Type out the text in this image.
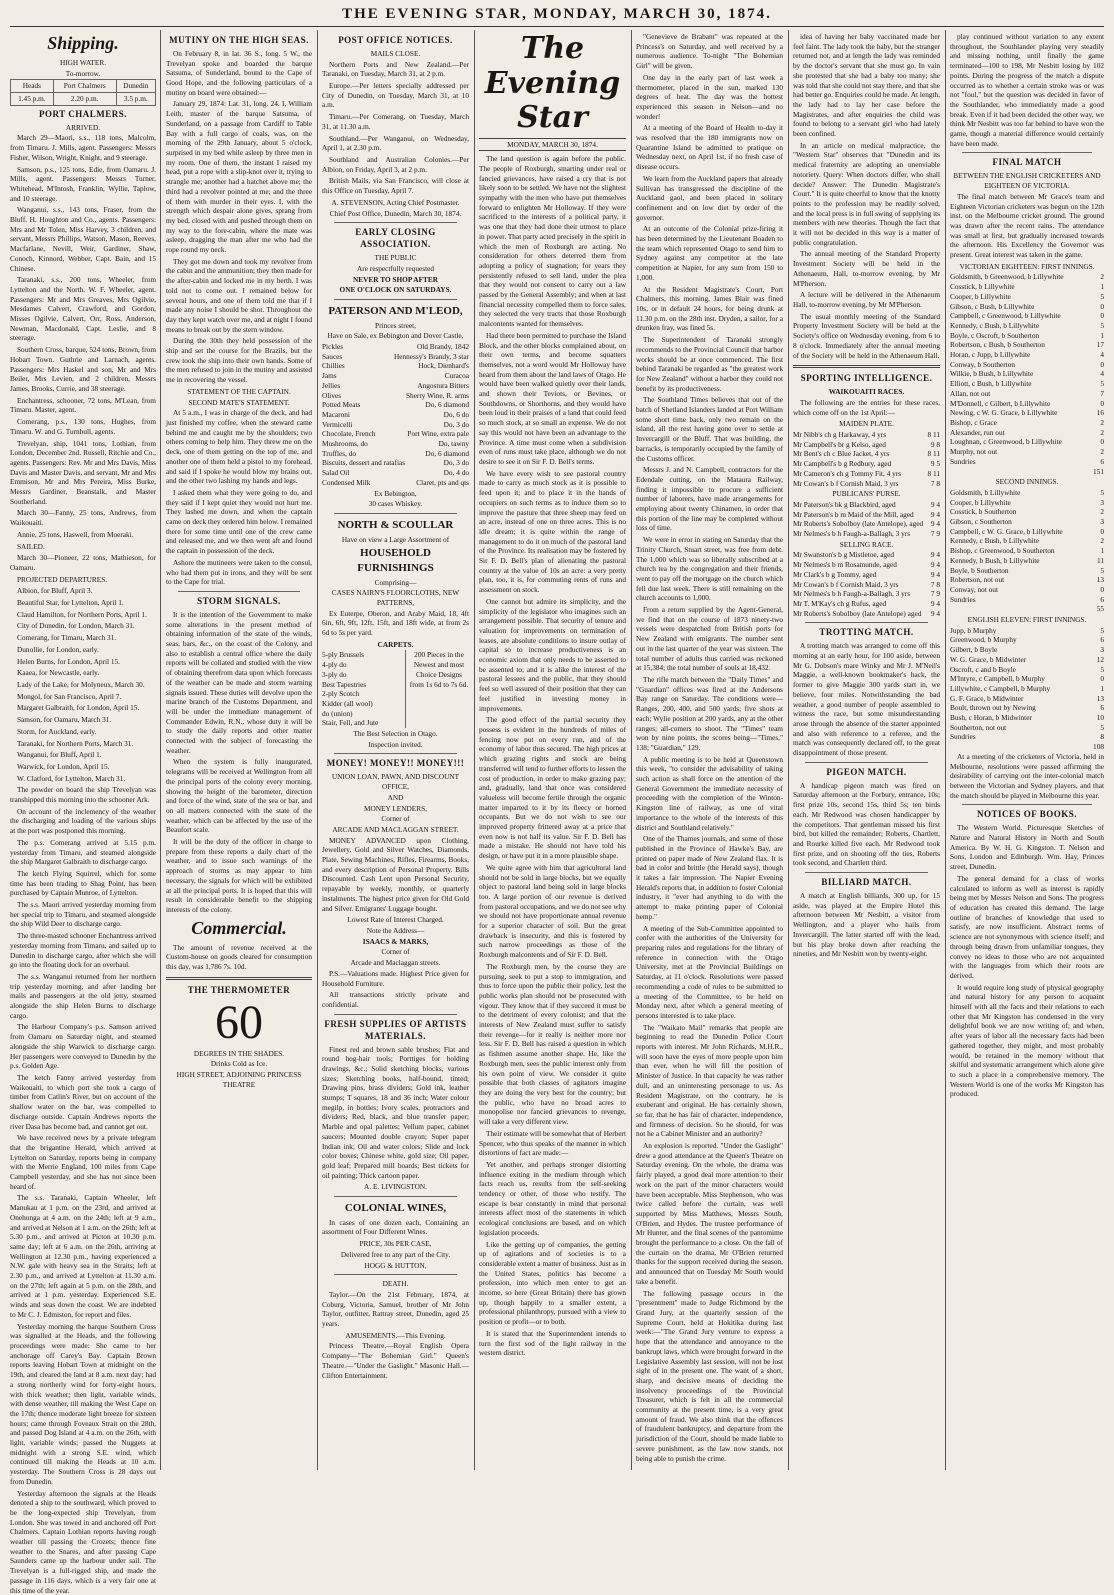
THE EVENING STAR, MONDAY, MARCH 30, 1874.
Shipping.
HIGH WATER.
To-morrow.
Heads	Port Chalmers	Dunedin
1.45 p.m.	2.20 p.m.	3.5 p.m.
PORT CHALMERS.
ARRIVED.

March 29—Maori, s.s., 118 tons, Malcolm, from Timaru. J. Mills, agent. Passengers: Messrs Fisher, Wilson, Wright, Knight, and 9 steerage.

Samson, p.s., 125 tons, Edie, from Oamaru. J. Mills, agent. Passengers: Messrs Turner, Whitehead, M'Intosh, Franklin, Wyllie, Taplow, and 10 steerage.

Wanganui, s.s., 143 tons, Fraser, from the Bluff. H. Houghton and Co., agents. Passengers: Mrs and Mr Tolen, Miss Harvey, 3 children, and servant, Messrs Phillips, Watson, Mason, Reeves, Macfarlane, Nevill, Weir, Gardiner, Shaw, Conoch, Kinnord, Webber, Capt. Bain, and 15 Chinese.

Taranaki, s.s., 200 tons, Wheeler, from Lyttelton and the North. W. F. Wheeler, agent. Passengers: Mr and Mrs Greaves, Mrs Ogilvie, Mesdames Calvert, Crawford, and Gordon, Misses Ogilvie, Calvert, Orr, Ross, Anderson, Newman, Macdonald, Capt. Leslie, and 8 steerage.

Southern Cross, barque, 524 tons, Brown, from Hobart Town. Guthrie and Larnach, agents. Passengers: Mrs Haskel and son, Mr and Mrs Beiler, Mrs Levien, and 2 children, Messrs James, Brooks, Currie, and 38 steerage.

Enchantress, schooner, 72 tons, M'Lean, from Timaru. Master, agent.

Comerang, p.s., 130 tons, Hughes, from Timaru. W. and G. Turnbull, agents.

Trevelyan, ship, 1041 tons, Lothian, from London, December 2nd. Russell, Ritchie and Co., agents. Passengers: Rev. Mr and Mrs Davis, Miss Davis and Master Davis, and servant, Mr and Mrs Emmison, Mr and Mrs Pereira, Miss Burke, Messrs Gardiner, Beanstalk, and Master Southerland.

March 30—Fanny, 25 tons, Andrews, from Waikouaiti.

Annie, 25 tons, Haswell, from Moeraki.

SAILED.

March 30—Pioneer, 22 tons, Mathieson, for Oamaru.

PROJECTED DEPARTURES.

Albion, for Bluff, April 3.

Beautiful Star, for Lyttelton, April 1.

Claud Hamilton, for Northern Ports, April 1.

City of Dunedin, for London, March 31.

Comerang, for Timaru, March 31.

Dunollie, for London, early.

Helen Burns, for London, April 15.

Kaaea, for Newcastle, early.

Lady of the Lake, for Molyneux, March 30.

Mongol, for San Francisco, April 7.

Margaret Galbraith, for London, April 15.

Samson, for Oamaru, March 31.

Storm, for Auckland, early.

Taranaki, for Northern Ports, March 31.

Wanganui, for Bluff, April 1.

Warwick, for London, April 15.

W. Clatford, for Lyttelton, March 31.

The powder on board the ship Trevelyan was transhipped this morning into the schooner Ark.

On account of the inclemency of the weather the discharging and loading of the various ships at the port was postponed this morning.

The p.s. Comerang arrived at 5.15 p.m. yesterday from Timaru, and steamed alongside the ship Margaret Galbraith to discharge cargo.

The ketch Flying Squirrel, which for some time has been trading to Shag Point, has been purchased by Captain Munroe, of Lyttelton.

The s.s. Maori arrived yesterday morning from her special trip to Timaru, and steamed alongside the ship Wild Deer to discharge cargo.

The three-masted schooner Enchantress arrived yesterday morning from Timaru, and sailed up to Dunedin to discharge cargo, after which she will go into the floating dock for an overhaul.

The s.s. Wanganui returned from her northern trip yesterday morning, and after landing her mails and passengers at the old jetty, steamed alongside the ship Helen Burns to discharge cargo.

The Harbour Company's p.s. Samson arrived from Oamaru on Saturday night, and steamed alongside the ship Warwick to discharge cargo. Her passengers were conveyed to Dunedin by the p.s. Golden Age.

The ketch Fanny arrived yesterday from Waikouaiti, to which port she took a cargo of timber from Catlin's River, but on account of the shallow water on the bar, was compelled to discharge outside. Captain Andrews reports the river Dasa has become bad, and cannot get out.

We have received news by a private telegram that the brigantine Herald, which arrived at Lyttelton on Saturday, reports being in company with the Merrie England, 100 miles from Cape Campbell yesterday, and she has not since been heard of.

The s.s. Taranaki, Captain Wheeler, left Manukau at 1 p.m. on the 23rd, and arrived at Onehunga at 4 a.m. on the 24th; left at 9 a.m., and arrived at Nelson at 1 a.m. on the 26th; left at 5.30 p.m., and arrived at Picton at 10.30 p.m. same day; left at 6 a.m. on the 26th, arriving at Wellington at 12.30 p.m., having experienced a N.W. gale with heavy sea in the Straits; left at 2.30 p.m., and arrived at Lyttelton at 11.30 a.m. on the 27th; left again at 5 p.m. on the 28th, and arrived at 1 p.m. yesterday. Experienced S.E. winds and seas down the coast. We are indebted to Mr C. J. Edmiston, for report and files.

Yesterday morning the barque Southern Cross was signalled at the Heads, and the following proceedings were made: She came to her anchorage off Carey's Bay. Captain Brown reports leaving Hobart Town at midnight on the 19th, and cleared the land at 8 a.m. next day; had a strong northerly wind for forty-eight hours, with thick weather; then light, variable winds, with dense weather, till making the West Cape on the 17th; thence moderate light breeze for sixteen hours; came through Foveaux Strait on the 28th, and passed Dog Island at 4 a.m. on the 26th, with light, variable winds; passed the Nuggets at midnight with a strong S.E. wind, which continued till making the Heads at 10 a.m. yesterday. The Southern Cross is 28 days out from Dunedin.

Yesterday afternoon the signals at the Heads denoted a ship to the southward, which proved to be the long-expected ship Trevelyan, from London. She was towed in and anchored off Port Chalmers. Captain Lothian reports having rough weather till passing the Crozets; thence fine weather to the Snares, and after passing Cape Saunders came up the harbour under sail. The Trevelyan is a full-rigged ship, and made the passage in 116 days, which is a very fair one at this time of the year.

MUTINY ON THE HIGH SEAS.

On February 8, in lat. 36 S., long. 5 W., the Trevelyan spoke and boarded the barque Satsuma, of Sunderland, bound to the Cape of Good Hope, and the following particulars of a mutiny on board were obtained:—

January 29, 1874: Lat. 31, long. 24. I, William Leith, master of the barque Satsuma, of Sunderland, on a passage from Cardiff to Table Bay with a full cargo of coals, was, on the morning of the 29th January, about 5 o'clock, surprised in my bed while asleep by three men in my room. One of them, the instant I raised my head, put a rope with a slip-knot over it, trying to strangle me; another had a hatchet above me; the third had a revolver pointed at me; and the three of them with murder in their eyes. I, with the strength which despair alone gives, sprang from my bed, closed with and pushed through them on my way to the fore-cabin, where the mate was asleep, dragging the man after me who had the rope round my neck.

They got me down and took my revolver from the cabin and the ammunition; they then made for the after-cabin and locked me in my berth. I was told not to come out. I remained below for several hours, and one of them told me that if I made any noise I should be shot. Throughout the day they kept watch over me, and at night I found means to break out by the stern window.

During the 30th they held possession of the ship and set the course for the Brazils, but the crew took the ship into their own hands. Some of the men refused to join in the mutiny and assisted me in recovering the vessel.

STATEMENT OF THE CAPTAIN.
SECOND MATE'S STATEMENT.

At 5 a.m., I was in charge of the deck, and had just finished my coffee, when the steward came behind me and caught me by the shoulders; two others coming to help him. They threw me on the deck, one of them getting on the top of me, and another one of them held a pistol to my forehead, and said if I spoke he would blow my brains out, and the other two lashing my hands and legs.

I asked them what they were going to do, and they said if I kept quiet they would not hurt me. They lashed me down, and when the captain came on deck they ordered him below. I remained there for some time until one of the crew came and released me, and we then went aft and found the captain in possession of the deck.

Ashore the mutineers were taken to the consul, who had them put in irons, and they will be sent to the Cape for trial.

STORM SIGNALS.

It is the intention of the Government to make some alterations in the present method of obtaining information of the state of the winds, seas, bars, &c., on the coast of the Colony, and also to establish a central office where the daily reports will be collated and studied with the view of obtaining therefrom data upon which forecasts of the weather can be made and storm warning signals issued. These duties will devolve upon the marine branch of the Customs Department, and will be under the immediate management of Commander Edwin, R.N., whose duty it will be to study the daily reports and other matter connected with the subject of forecasting the weather.

When the system is fully inaugurated, telegrams will be received at Wellington from all the principal ports of the colony every morning, showing the height of the barometer, direction and force of the wind, state of the sea or bar, and on all matters connected with the state of the weather, which can be affected by the use of the Beaufort scale.

It will be the duty of the officer in charge to prepare from these reports a daily chart of the weather, and to issue such warnings of the approach of storms as may appear to him necessary, the signals for which will be exhibited at all the principal ports. It is hoped that this will result in considerable benefit to the shipping interests of the colony.

Commercial.

The amount of revenue received at the Custom-house on goods cleared for consumption this day, was 1,786 7s. 10d.

THE THERMOMETER
60
DEGREES IN THE SHADES.
Drinks Cold as Ice.
HIGH STREET, ADJOINING PRINCESS THEATRE
POST OFFICE NOTICES.
MAILS CLOSE.

Northern Ports and New Zealand.—Per Taranaki, on Tuesday, March 31, at 2 p.m.

Europe.—Per letters specially addressed per City of Dunedin, on Tuesday, March 31, at 10 a.m.

Timaru.—Per Comerang, on Tuesday, March 31, at 11.30 a.m.

Southland.—Per Wanganui, on Wednesday, April 1, at 2.30 p.m.

Southland and Australian Colonies.—Per Albion, on Friday, April 3, at 2 p.m.

British Mails, via San Francisco, will close at this Office on Tuesday, April 7.

A. STEVENSON, Acting Chief Postmaster.
Chief Post Office, Dunedin, March 30, 1874.
EARLY CLOSING ASSOCIATION.
THE PUBLIC
Are respectfully requested
NEVER TO SHOP AFTER
ONE O'CLOCK ON SATURDAYS.
PATERSON AND M'LEOD,
Princes street,
Have on Sale, ex Bebington and Dover Castle,
Pickles	Old Brandy, 1842
Sauces	Hennessy's Brandy, 3 star
Chillies	Hock, Dienhard's
Jams	Curacoa
Jellies	Angostura Bitters
Olives	Sherry Wine, R. arms
Potted Meats	Do, 6 diamond
Macaroni	Do, 6 do
Vermicelli	Do, 3 do
Chocolate, French	Port Wine, extra pale
Mushrooms, do	Do, tawny
Truffles, do	Do, 6 diamond
Biscuits, dessert and ratafias	Do, 3 do
Salad Oil	Do, 4 do
Condensed Milk	Claret, pts and qts
Ex Bebington,
30 cases Whiskey.
NORTH & SCOULLAR
Have on view a Large Assortment of
HOUSEHOLD FURNISHINGS
Comprising—
CASES NAIRN'S FLOORCLOTHS, NEW PATTERNS,

Ex Euterpe, Oberon, and Araby Maid, 18, 4ft 6in, 6ft, 9ft, 12ft, 15ft, and 18ft wide, at from 2s 6d to 5s per yard.

CARPETS.
5-ply Brussels
4-ply do
3-ply do
Best Tapestries
2-ply Scotch
Kidder (all wool)
do (union)
Stair, Fell, and Jute
200 Pieces in the Newest and most Choice Designs from 1s 6d to 7s 6d.
The Best Selection in Otago.
Inspection invited.
MONEY! MONEY!! MONEY!!!
UNION LOAN, PAWN, AND DISCOUNT OFFICE,
AND
MONEY LENDERS,
Corner of
ARCADE AND MACLAGGAN STREET.

MONEY ADVANCED upon Clothing, Jewellery, Gold and Silver Watches, Diamonds, Plate, Sewing Machines, Rifles, Firearms, Books, and every description of Personal Property. Bills Discounted. Cash Lent upon Personal Security, repayable by weekly, monthly, or quarterly instalments. The highest price given for Old Gold and Silver. Emigrants' Luggage bought.

Lowest Rate of Interest Charged.
Note the Address—
ISAACS & MARKS,
Corner of
Arcade and Maclaggan streets.

P.S.—Valuations made. Highest Price given for Household Furniture.

All transactions strictly private and confidential.

FRESH SUPPLIES OF ARTISTS MATERIALS.

Finest red and brown sable brushes; Flat and round hog-hair tools; Porttiges for holding drawings, &c.; Solid sketching blocks, various sizes; Sketching books, half-bound, tinted; Drawing pins, brass dividers; Gold ink, leather stumps; T squares, 18 and 36 inch; Water colour megilp, in bottles; Ivory scales, protractors and dividers; Red, black, and blue transfer paper; Marble and opal palettes; Vellum paper, cabinet saucers; Mounted double crayon; Super paper Indian ink; Oil and water colors; Slide and lock color boxes; Chinese white, gold size; Oil paper, gold leaf; Prepared mill boards; Best tickets for oil painting; Thick cartoon paper.

A. E. LIVINGSTON.
COLONIAL WINES,

In cases of one dozen each, Containing an assortment of Four Different Wines.

PRICE, 30s PER CASE,
Delivered free to any part of the City.
HOGG & HUTTON,
DEATH.

Taylor.—On the 21st February, 1874, at Coburg, Victoria, Samuel, brother of Mr John Taylor, outfitter, Rattray street, Dunedin, aged 25 years.

AMUSEMENTS.—This Evening.

Princess Theatre.—Royal English Opera Company—"The Bohemian Girl." Queen's Theatre.—"Under the Gaslight." Masonic Hall.—Clifton Entertainment.

The Evening Star
MONDAY, MARCH 30, 1874.

The land question is again before the public. The people of Roxburgh, smarting under real or fancied grievances, have raised a cry that is not likely soon to be settled. We have not the slightest sympathy with the men who have put themselves forward to enlighten Mr Holloway. If they were sacrificed to the interests of a political party, it was one that they had done their utmost to place in power. That party acted precisely in the spirit in which the men of Roxburgh are acting. No consideration for others deterred them from adopting a policy of stagnation; for years they persistently refused to sell land, under the plea that they would not consent to carry out a law passed by the General Assembly; and when at last financial necessity compelled them to force sales, they selected the very tracts that those Roxburgh malcontents wanted for themselves.

Had there been permitted to purchase the Island Block, and the other blocks complained about, on their own terms, and become squatters themselves, not a word would Mr Holloway have heard from them about the land laws of Otago. He would have been walked quietly over their lands, and shown their Teviots, or Bevines, or Southdowns, or Shorthorns, and they would have been loud in their praises of a land that could feed so much stock, at so small an expense. We do not say this would not have been an advantage to the Province. A time must come when a subdivision even of runs must take place, although we do not desire to see it on Sir F. D. Bell's terms.

We have every wish to see pastoral country made to carry as much stock as it is possible to feed upon it; and to place it in the hands of occupiers on such terms as to induce them so to improve the pasture that three sheep may feed on an acre, instead of one on three acres. This is no idle dream; it is quite within the range of management to do it on much of the pastoral land of the Province. Its realisation may be fostered by Sir F. D. Bell's plan of alienating the pastoral country at the value of 10s an acre: a very pretty plan, too, it is, for commuting rents of runs and assessment on stock.

One cannot but admire its simplicity, and the simplicity of the legislator who imagines such an arrangement possible. That security of tenure and valuation for improvements on termination of leases, are absolute conditions to insure outlay of capital so to increase productiveness is an economic axiom that only needs to be asserted to be assented to; and it is alike the interest of the pastoral lessees and the public, that they should feel so well assured of their position that they can feel justified in investing money in improvements.

The good effect of the partial security they possess is evident in the hundreds of miles of fencing now put on every run, and of the economy of labor thus secured. The high prices at which grazing rights and stock are being transferred will tend to further efforts to lessen the cost of production, in order to make grazing pay; and, gradually, land that once was considered valueless will become fertile through the organic matter imparted to it by its fleecy or horned occupants. But we do not wish to see our improved property frittered away at a price that even now is not half its value. Sir F. D. Bell has made a mistake. He should not have told his design, or have put it in a more plausible shape.

We quite agree with him that agricultural land should not be sold in large blocks, but we equally object to pastoral land being sold in large blocks too. A large portion of our revenue is derived from pastoral occupations, and we do not see why we should not have proportionate annual revenue for a superior character of soil. But the great drawback is insecurity, and this is fostered by such narrow proceedings as those of the Roxburgh malcontents and of Sir F. D. Bell.

The Roxburgh men, by the course they are pursuing, seek to put a stop to immigration, and thus to force upon the public their policy, lest the public works plan should not be prosecuted with vigour. They know that if they succeed it must be to the detriment of every colonist; and that the interests of New Zealand must suffer to satisfy their revenge—for it really is neither more nor less. Sir F. D. Bell has raised a question in which as fishmen assume another shape. He, like the Roxburgh men, sees the public interest only from his own point of view. We consider it quite possible that both classes of agitators imagine they are doing the very best for the country; but the public, who have no broad acres to monopolise nor fancied grievances to revenge, will take a very different view.

Their estimate will be somewhat that of Herbert Spencer, who thus speaks of the manner in which distortions of fact are made:—

Yet another, and perhaps stronger distorting influence exiting in the medium through which facts reach us, results from the self-seeking tendency or other, of those who testify. The escape is bear constantly in mind that personal interests affect most of the statements in which ecological conclusions are based, and on which legislation proceeds.

Like the getting up of companies, the getting up of agitations and of societies is to a considerable extent a matter of business. Just as in the United States, politics has become a profession, into which men enter to get an income, so here (Great Britain) there has grown up, though happily to a smaller extent, a professional philanthropy, pursued with a view to position or profit—or to both.

It is stated that the Superintendent intends to turn the first sod of the light railway in the western district.

"Genevieve de Brabant" was repeated at the Princess's on Saturday, and well received by a numerous audience. To-night "The Bohemian Girl" will be given.

One day in the early part of last week a thermometer, placed in the sun, marked 130 degrees of heat. The day was the hottest experienced this season in Nelson—and no wonder!

At a meeting of the Board of Health to-day it was resolved that the 180 immigrants now on Quarantine Island be admitted to pratique on Wednesday next, on April 1st, if no fresh case of disease occurs.

We learn from the Auckland papers that already Sullivan has transgressed the discipline of the Auckland gaol, and been placed in solitary confinement and on low diet by order of the governor.

At an outcome of the Colonial prize-firing it has been determined by the Lieutenant Boaden to the team which represented Otago to send him to Sydney against any competitor at the late competition at Napier, for any sum from 150 to 1,000.

At the Resident Magistrate's Court, Port Chalmers, this morning, James Blair was fined 10s, or in default 24 hours, for being drunk at 11.30 p.m. on the 28th inst. Dryden, a sailor, for a drunken fray, was fined 5s.

The Superintendent of Taranaki strongly recommends to the Provincial Council that harbor works should be at once commenced. The first behind Taranaki be regarded as "the greatest work for New Zealand" without a harbor they could not benefit by its productiveness.

The Southland Times believes that out of the batch of Shetland Islanders landed at Port William some short time back, only two remain on the island, all the rest having gone over to settle at Invercargill or the Bluff. That was building, the barracks, is temporarily occupied by the family of the Customs officer.

Messrs J. and N. Campbell, contractors for the Edendale cutting, on the Mataura Railway, finding it impossible to procure a sufficient number of laborers, have made arrangements for employing about twenty Chinamen, in order that this portion of the line may be completed without loss of time.

We were in error in stating on Saturday that the Trinity Church, Stuart street, was free from debt. The 1,000 which was so liberally subscribed at a church tea by the congregation and their friends, went to pay off the mortgage on the church which fell due last week. There is still remaining on the church accounts to 1,000.

From a return supplied by the Agent-General, we find that on the course of 1873 ninety-two vessels were despatched from British ports for New Zealand with emigrants. The number sent out in the last quarter of the year was sixteen. The total number of adults thus carried was reckoned at 15,384; the total number of souls at 18,432.

The rifle match between the "Daily Times" and "Guardian" offices was fired at the Andersons Bay range on Saturday. The conditions were—Ranges, 200, 400, and 500 yards; five shots at each; Wylie position at 200 yards, any at the other ranges; all-comers to shoot. The "Times" team won by nine points, the scores being—"Times," 138; "Guardian," 129.

A public meeting is to be held at Queenstown this week, "to consider the advisability of taking such action as shall force on the attention of the General Government the immediate necessity of proceeding with the completion of the Winton-Kingston line of railway, as one of vital importance to the whole of the interests of this district and Southland relatively."

One of the Thames journals, and some of those published in the Province of Hawke's Bay, are printed on paper made of New Zealand flax. It is bad in color and brittle (the Herald says), though it takes a fair impression. The Napier Evening Herald's reports that, in addition to foster Colonial industry, it "ever had anything to do with the attempt to make printing paper of Colonial hemp."

A meeting of the Sub-Committee appointed to confer with the authorities of the University for preparing rules and regulations for the library of reference in connection with the Otago University, met at the Provincial Buildings on Saturday, at 11 o'clock. Resolutions were passed recommending a code of rules to be submitted to a meeting of the Committee, to be held on Monday next, after which a general meeting of persons interested is to take place.

The "Waikato Mail" remarks that people are beginning to read the Dunedin Police Court reports with interest. Mr John Richards, M.H.R., will soon have the eyes of more people upon him than ever, when he will fill the position of Minister of Justice. In that capacity he was rather dull, and an uninteresting personage to us. As Resident Magistrate, on the contrary, he is exuberant and original. He has certainly shown, so far, that he has fair of character, independence, and firmness of decision. So he should, for was not he a Cabinet Minister and an authority?

An explosion is reported. "Under the Gaslight" drew a good attendance at the Queen's Theatre on Saturday evening. On the whole, the drama was fairly played, a good deal more attention to their work on the part of the minor characters would have been acceptable. Miss Stephenson, who was twice called before the curtain, was well supported by Miss Matthews, Messrs South, O'Brien, and Hydes. The trustee performance of Mr Hunter, and the final scenes of the pantomime brought the performance to a close. On the fall of the curtain on the drama, Mr O'Brien returned thanks for the support received during the season, and announced that on Tuesday Mr South would take a benefit.

The following passage occurs in the "presentment" made to Judge Richmond by the Grand Jury, at the quarterly session of the Supreme Court, held at Hokitika during last week:—"The Grand Jury venture to express a hope that the attendance and annoyance to the bankrupt laws, which were brought forward in the Legislative Assembly last session, will not be lost sight of in the present one. The want of a short, sharp, and decisive means of deciding the insolvency proceedings of the Provincial Treasurer, which is felt in all the commercial community at the present time, is a very great amount of fraud. We also think that the offences of fraudulent bankruptcy, and departure from the jurisdiction of the Court, should be made liable to severe punishment, as the law now stands, not being able to punish the crime.

idea of having her baby vaccinated made her feel faint. The lady took the baby, but the stranger returned not, and at length the lady was reminded by the doctor's servant that she must go. In vain she protested that she had a baby too many; she was told that she could not stay there, and that she had better go. Enquiries could be made. At length, the lady had to lay her case before the Magistrates, and after enquiries the child was found to belong to a servant girl who had lately been confined.

In an article on medical malpractice, the "Western Star" observes that "Dunedin and its medical fraternity are adopting an unenviable notoriety. Query: When doctors differ, who shall decide? Answer: The Dunedin Magistrate's Court." It is quite cheerful to know that the knotty points to the profession may be readily solved, and the local press is in full swing of supplying its members with new theories. Though the fact that it will not be decided in this way is a matter of public congratulation.

The annual meeting of the Standard Property Investment Society will be held in the Athenaeum, Hall, to-morrow evening, by Mr M'Pherson.

A lecture will be delivered in the Athenaeum Hall, to-morrow evening, by Mr M'Pherson.

The usual monthly meeting of the Standard Property Investment Society will be held at the Society's office on Wednesday evening, from 6 to 8 o'clock. Immediately after the annual meeting of the Society will be held in the Athenaeum Hall.

SPORTING INTELLIGENCE.
WAIKOUAITI RACES.

The following are the entries for these races, which come off on the 1st April:—

MAIDEN PLATE.
Mr Nibb's ch g Harkaway, 4 yrs	8 11
Mr Campbell's br g Kelso, aged	9 8
Mr Bent's ch c Blue Jacket, 4 yrs	8 11
Mr Campbell's b g Redbury, aged	9 5
Mr Cameron's ch g Tommy Fit, 4 yrs	8 11
Mr Cowan's b f Cornish Maid, 3 yrs	7 8
PUBLICANS' PURSE.
Mr Paterson's bk g Blackbird, aged	9 4
Mr Paterson's b m Maid of the Mill, aged 9 4
Mr Roberts's Sobolboy (late Antelope), aged 9 4
Mr Nelmes's b h Faugh-a-Ballagh, 3 yrs	7 9
SELLING RACE.
Mr Swanston's b g Mistletoe, aged	9 4
Mr Nelmes's b m Rosamunde, aged	9 4
Mr Clark's b g Tommy, aged	9 4
Mr Cowan's b f Cornish Maid, 3 yrs	7 8
Mr Nelmes's b h Faugh-a-Ballagh, 3 yrs	7 9
Mr T. M'Kay's ch g Rufus, aged	9 4
Mr Roberts's Sobolboy (late Antelope) aged 9 4
TROTTING MATCH.

A trotting match was arranged to come off this morning at an early hour, for 100 aside, between Mr G. Dobson's mare Winky and Mr J. M'Neil's Maggie, a well-known bookmaker's hack, the former to give Maggie 300 yards start in, we believe, four miles. Notwithstanding the bad weather, a good number of people assembled to witness the race, but some misunderstanding arose through the absence of the starter appointed and also with reference to a referee, and the match was consequently declared off, to the great disappointment of those present.

PIGEON MATCH.

A handicap pigeon match was fired on Saturday afternoon at the Forbury, entrance, 10s; first prize 10s, second 15s, third 5s; ten birds each. Mr Redwood was chosen handicapper by the competitors. That gentleman missed his first bird, but killed the remainder; Roberts, Chartlett, and Rourke killed five each. Mr Redwood took first prize, and on shooting off the ties, Roberts took second, and Chartlett third.

BILLIARD MATCH.

A match at English billiards, 300 up, for 15 aside, was played at the Empire Hotel this afternoon between Mr Nesbitt, a visitor from Wellington, and a player who hails from Invercargill. The latter started off with the lead, but his play broke down after reaching the nineties, and Mr Nesbitt won by twenty-eight.

play continued without variation to any extent throughout, the Southlander playing very steadily and missing nothing, until finally the game terminated—100 to 198, Mr Nesbitt losing by 102 points. During the progress of the match a dispute occurred as to whether a certain stroke was or was not "foul," but the question was decided in favor of the Southlander, who immediately made a good break. Even if it had been decided the other way, we think Mr Nesbitt was too far behind to have won the game, though a material difference would certainly have been made.

FINAL MATCH
BETWEEN THE ENGLISH CRICKETERS AND EIGHTEEN OF VICTORIA.

The final match between Mr Grace's team and Eighteen Victorian cricketers was begun on the 12th inst. on the Melbourne cricket ground. The ground was drawn after the recent rains. The attendance was small at first, but gradually increased towards the afternoon. His Excellency the Governor was present. Great interest was taken in the game.

VICTORIAN EIGHTEEN: FIRST INNINGS.
Goldsmith, b Greenwood, b Lillywhite	2
Cosstick, b Lillywhite	1
Cooper, b Lillywhite	5
Gibson, c Bush, b Lillywhite	0
Campbell, c Greenwood, b Lillywhite	0
Kennedy, c Bush, b Lillywhite	5
Boyle, c Oscroft, b Southerton	1
Robertson, c Bush, b Southerton	17
Horan, c Jupp, b Lillywhite	4
Conway, b Southerton	0
Wilkie, b Bush, b Lillywhite	4
Elliott, c Bush, b Lillywhite	5
Allan, not out	7
M'Donnell, c Gilbert, b Lillywhite	0
Newing, c W. G. Grace, b Lillywhite	16
Bishop, c Grace	2
Alexander, run out	2
Loughnan, c Greenwood, b Lillywhite	0
Murphy, not out	2
Sundries	6
151
SECOND INNINGS.
Goldsmith, b Lillywhite	5
Cooper, b Lillywhite	3
Cosstick, b Southerton	2
Gibson, c Southerton	3
Campbell, c W. G. Grace, b Lillywhite	0
Kennedy, c Bush, b Lillywhite	2
Bishop, c Greenwood, b Southerton	1
Kennedy, b Bush, b Lillywhite	11
Boyle, b Southerton	5
Robertson, not out	13
Conway, not out	0
Sundries	6
55
ENGLISH ELEVEN: FIRST INNINGS.
Jupp, b Murphy	5
Greenwood, b Murphy	6
Gilbert, b Boyle	3
W. G. Grace, b Midwinter	12
Oscroft, c and b Boyle	5
M'Intyre, c Campbell, b Murphy	0
Lillywhite, c Campbell, b Murphy	1
G. F. Grace, b Midwinter	13
Boult, thrown out by Newing	6
Bush, c Horan, b Midwinter	10
Southerton, not out	5
Sundries	8
108

At a meeting of the cricketers of Victoria, held in Melbourne, resolutions were passed affirming the desirability of carrying out the inter-colonial match between the Victorian and Sydney players, and that the match should be played in Melbourne this year.

NOTICES OF BOOKS.

The Western World. Picturesque Sketches of Nature and Natural History in North and South America. By W. H. G. Kingston. T. Nelson and Sons, London and Edinburgh. Wm. Hay, Princes street, Dunedin.

The general demand for a class of works calculated to inform as well as interest is rapidly being met by Messrs Nelson and Sons. The progress of education has created this demand. The large outline of branches of knowledge that used to satisfy, are now insufficient. Abstract terms of science are not synonymous with science itself; and through being drawn from unfamiliar tongues, they convey no ideas to those who are not acquainted with the languages from which their roots are derived.

It would require long study of physical geography and natural history for any person to acquaint himself with all the facts and their relations to each other that Mr Kingston has condensed in the very delightful book we are now writing of; and when, after years of labor all the necessary facts had been gathered together, they might, and most probably would, be retained in the memory without that skilful and systematic arrangement which alone give to such a place in a comprehensive memory. The Western World is one of the works Mr Kingston has produced.
